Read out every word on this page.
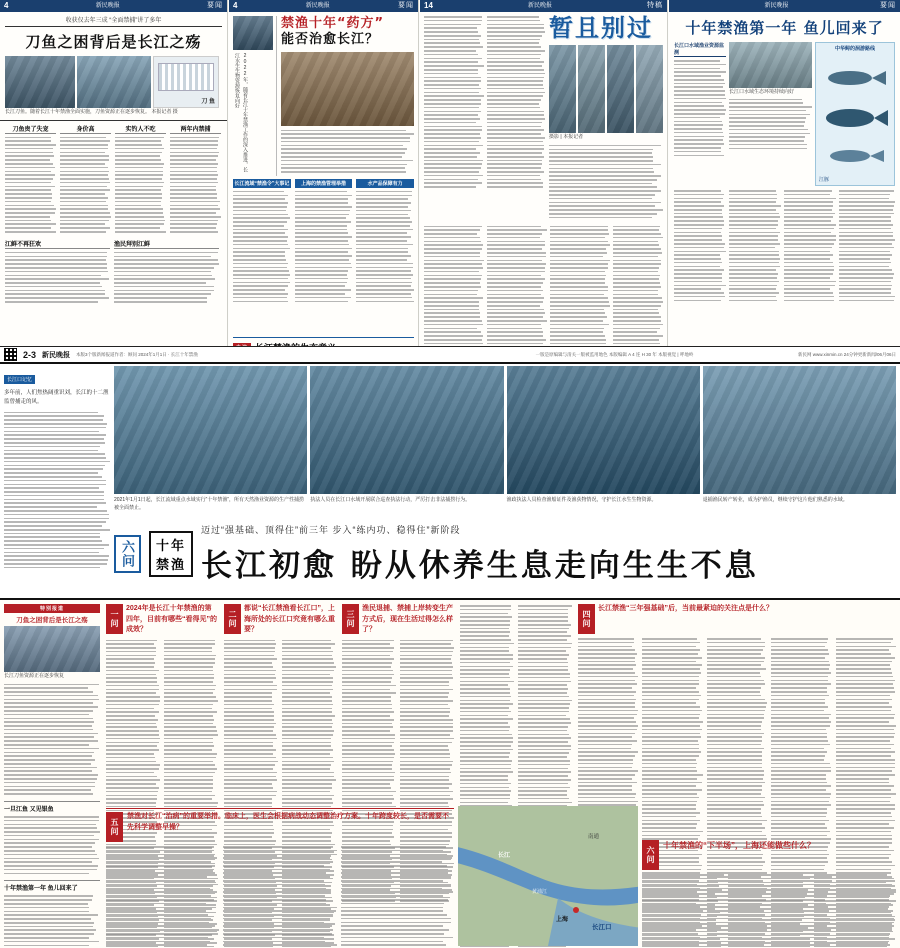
4	新民晚报	要闻
收获仅去年三成 “全面禁捕”讲了多年
刀鱼之困背后是长江之殇
刀 鱼
长江刀鱼。随着长江十年禁渔全面实施，刀鱼资源正在逐步恢复。 本报记者 摄
刀鱼贵了失宠	身价高	实钓人不吃	两年内禁捕
江鲜不再狂欢	渔民拜别江鲜
4	新民晚报	要闻
2022年，随着长江十年禁渔工作的深入推进，长江水生生物资源恢复向好
禁渔十年“药方”
能否治愈长江？
长江流域“禁渔令”大事记	上海的禁渔管理举措	水产品保障有力
14	新民晚报	特稿
暂且别过
摄影 | 本报记者
新民晚报	要闻
十年禁渔第一年 鱼儿回来了
长江口水域渔业资源监测
长江口水域生态环境持续向好
中华鲟的洄游路线
江豚
2-3 新民晚报 本版3个版新闻报道作者：顾问 2024年1月1日 · 长江十年禁渔	一版是原编辑与清关一版被监用地色 本版编辑 A 4 连 H 30 年 本版视觉 | 呼地岭	新民网 www.xinmin.cn 24分钟更新新闻/06月06日
长江口记忆
多年前，人们焦热阔重识刘，长江的十二渔监曾捕走的风。
2021年1月1日起，长江流域重点水域实行“十年禁渔”，所有天然渔业资源的生产性捕捞被全面禁止。
执法人员在长江口水域开展联合巡查执法行动，严厉打击非法捕捞行为。	渔政执法人员检查渔船证件及渔获物情况，守护长江水生生物资源。	退捕渔民转产转业，成为护渔员，继续守护这片他们熟悉的水域。
六问 十年
禁渔
迈过“强基础、顶得住”前三年 步入“练内功、稳得住”新阶段
长江初愈 盼从休养生息走向生生不息
特别报道
刀鱼之困背后是长江之殇
长江刀鱼资源正在逐步恢复
一旦江鱼 又见银鱼
十年禁渔第一年 鱼儿回来了
一问
2024年是长江十年禁渔的第四年，目前有哪些“看得见”的成效？
二问
都说“长江禁渔看长江口”，上海所处的长江口究竟有哪么重要？
三问
渔民退捕、禁捕上岸转变生产方式后，现在生活过得怎么样了？
四问
长江禁渔“三年强基础”后，当前最紧迫的关注点是什么？
五问
禁渔对长江“治病”的重要举措。临床上，医生会根据病战动态调整治疗方案。十年跨度较长，是否需要不先科学调整早操？
长江
南通
上海
长江口
黄浦江
六问
十年禁渔的“下半场”，上海还能做些什么？
